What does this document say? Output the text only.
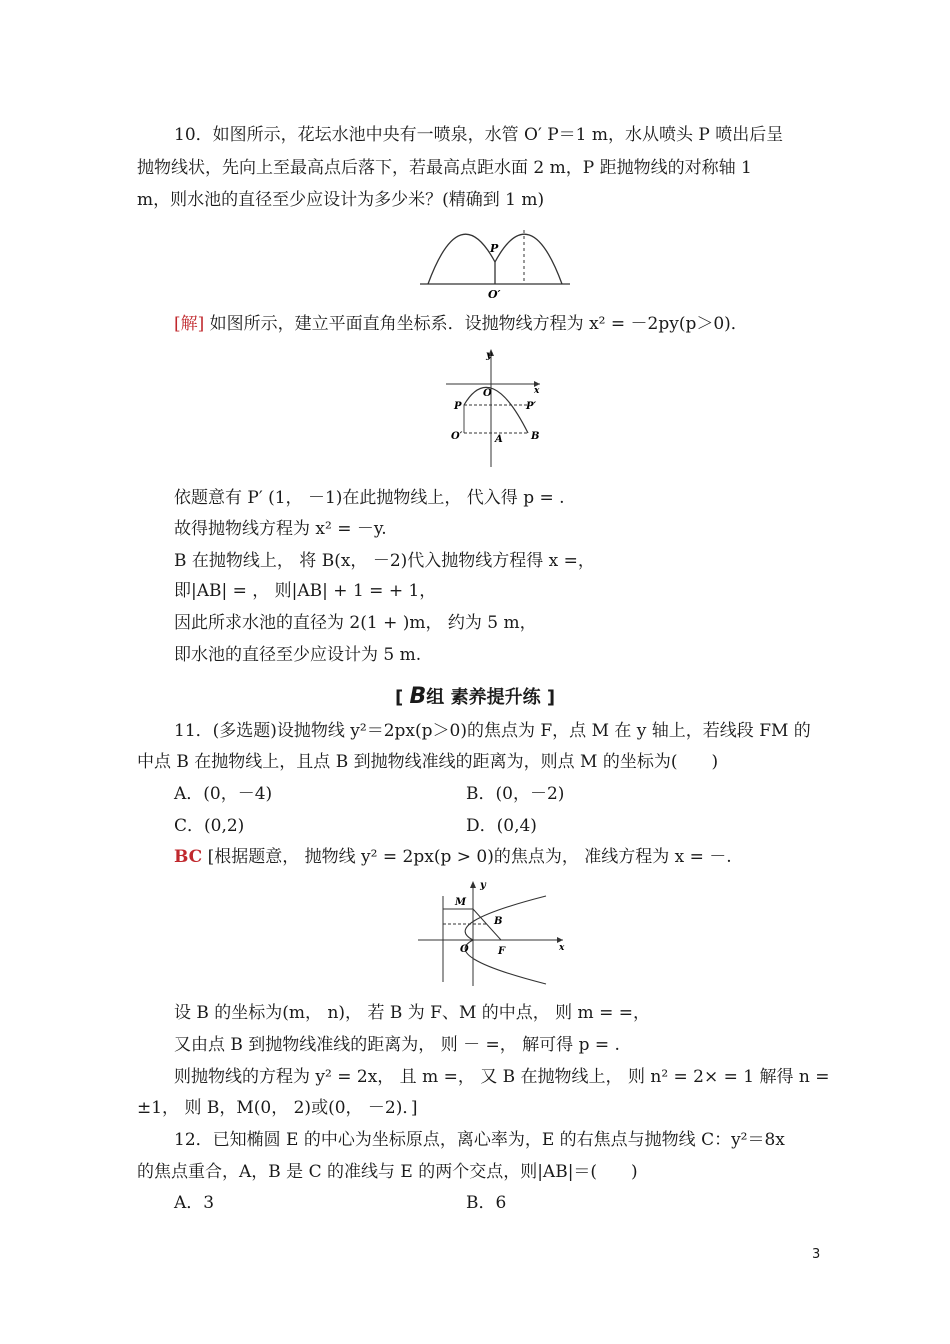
10．如图所示，花坛水池中央有一喷泉，水管 O′ P＝1 m，水从喷头 P 喷出后呈
抛物线状，先向上至最高点后落下，若最高点距水面 2 m，P 距抛物线的对称轴 1
m，则水池的直径至少应设计为多少米？(精确到 1 m)
P
O′
[解] 如图所示，建立平面直角坐标系．设抛物线方程为 x² = －2py(p＞0)．
y
x
O
P	P′
O′	A	B
依题意有 P′ (1， －1)在此抛物线上， 代入得 p = .
故得抛物线方程为 x² = －y.
B 在抛物线上， 将 B(x， －2)代入抛物线方程得 x =，
即|AB| = ， 则|AB| + 1 = + 1，
因此所求水池的直径为 2(1 + )m， 约为 5 m，
即水池的直径至少应设计为 5 m.
[ B组 素养提升练 ]
11．(多选题)设抛物线 y²＝2px(p＞0)的焦点为 F，点 M 在 y 轴上，若线段 FM 的
中点 B 在抛物线上，且点 B 到抛物线准线的距离为，则点 M 的坐标为(　　)
A．(0，－4)	B．(0，－2)
C．(0,2)	D．(0,4)
BC [根据题意， 抛物线 y² = 2px(p > 0)的焦点为， 准线方程为 x = －.
y
x
M
B
O	F
设 B 的坐标为(m， n)， 若 B 为 F、M 的中点， 则 m = =，
又由点 B 到抛物线准线的距离为， 则 － =， 解可得 p = .
则抛物线的方程为 y² = 2x， 且 m =， 又 B 在抛物线上， 则 n² = 2× = 1 解得 n =
±1， 则 B，M(0， 2)或(0， －2)．]
12．已知椭圆 E 的中心为坐标原点，离心率为，E 的右焦点与抛物线 C：y²＝8x
的焦点重合，A，B 是 C 的准线与 E 的两个交点，则|AB|＝(　　)
A．3	B．6
3
